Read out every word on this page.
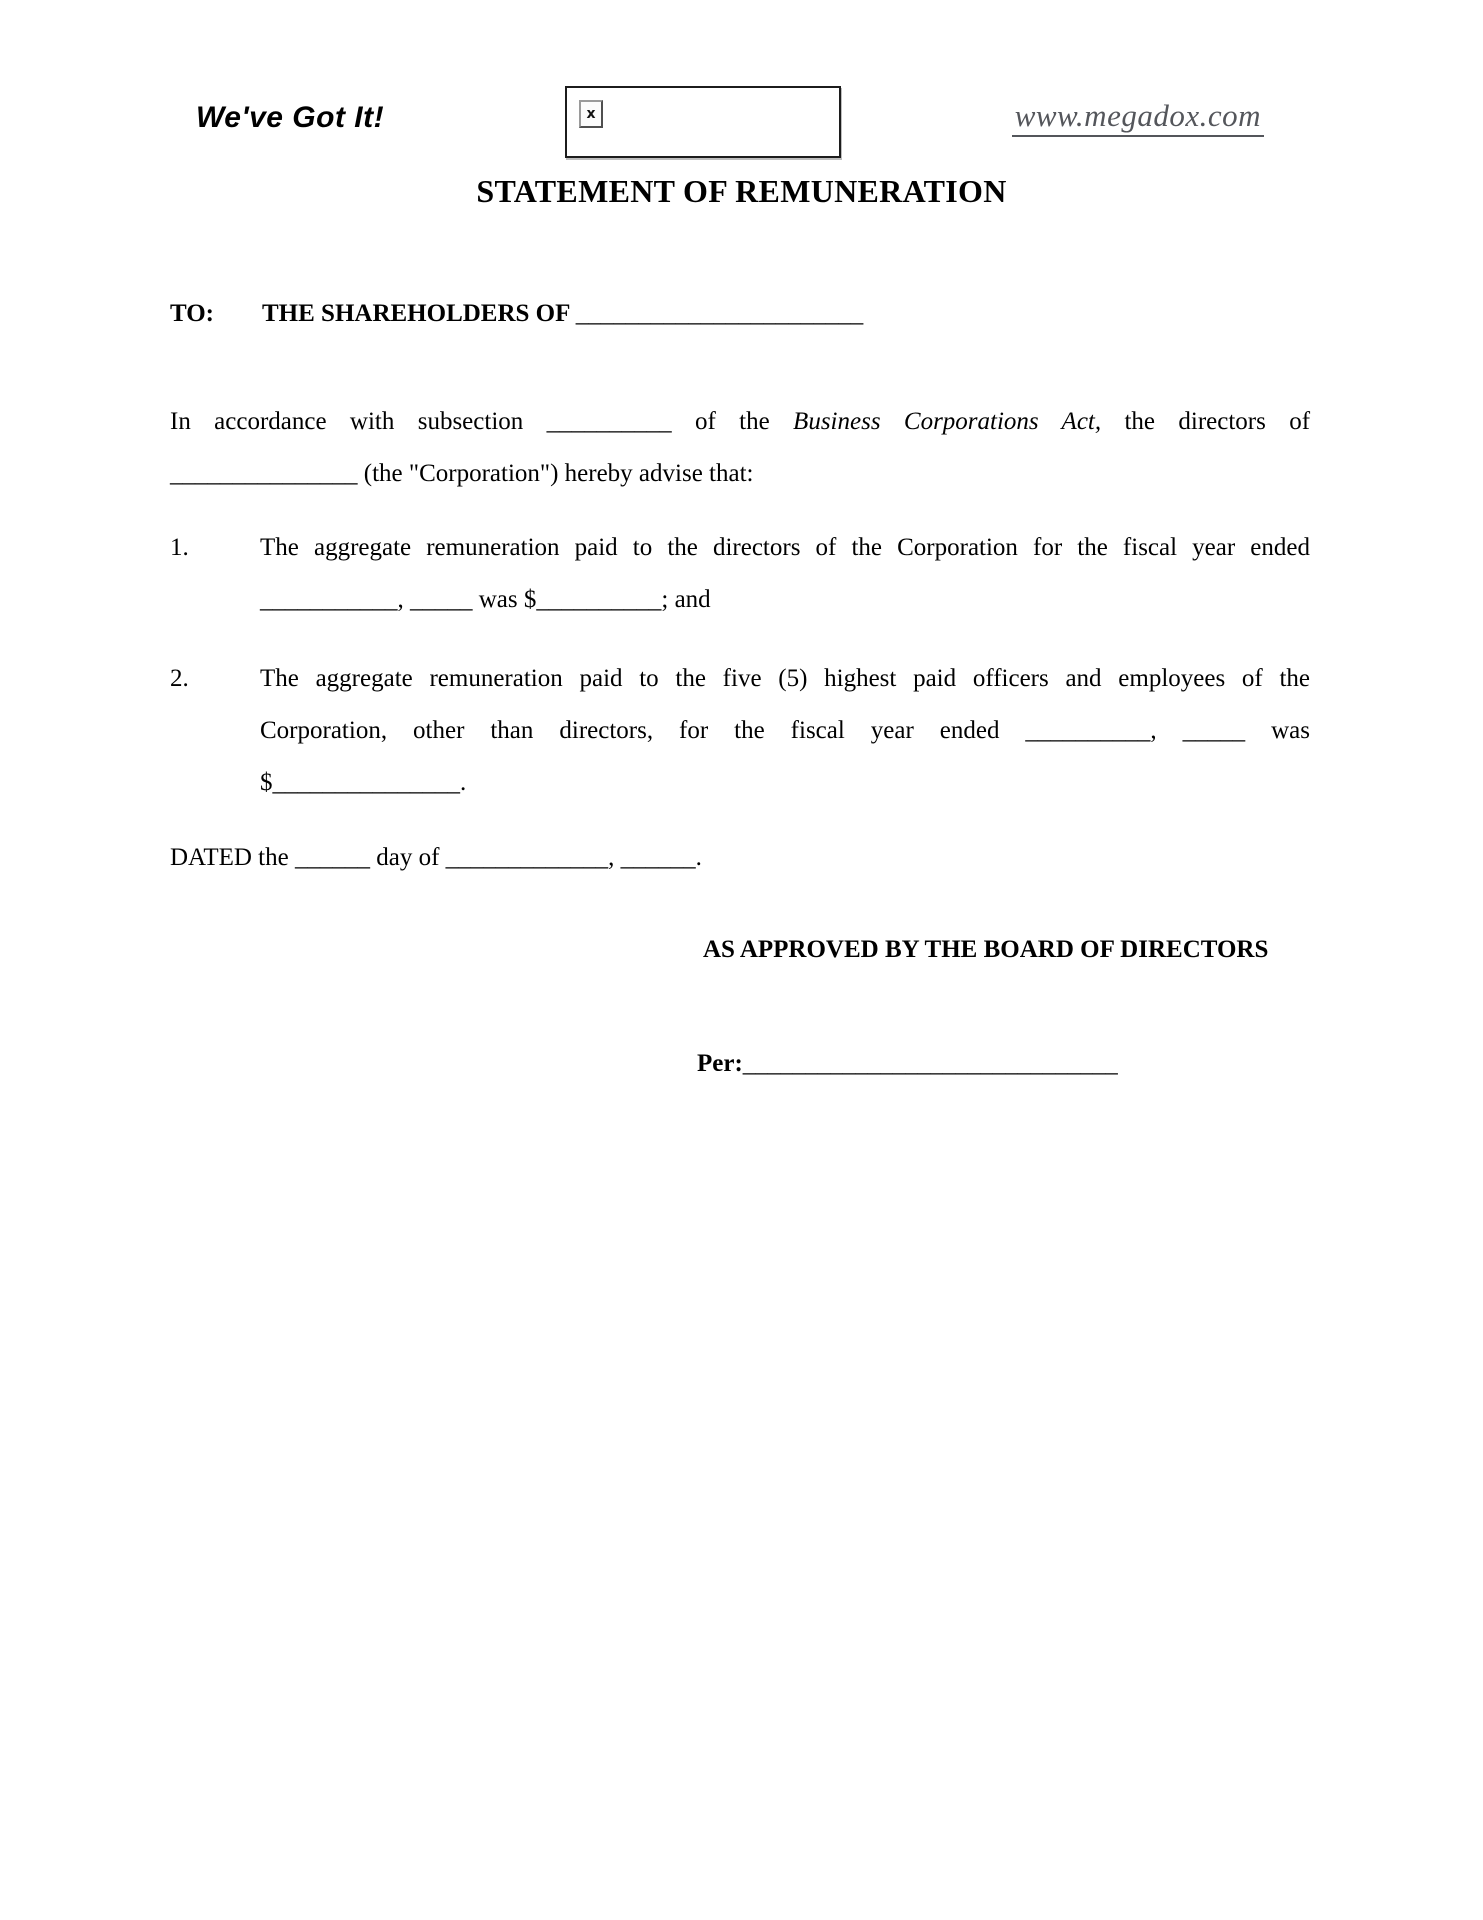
We've Got It!	x	www.megadox.com
STATEMENT OF REMUNERATION
TO: THE SHAREHOLDERS OF _______________________
In accordance with subsection __________ of the Business Corporations Act, the directors of
_______________ (the "Corporation") hereby advise that:
1.	The aggregate remuneration paid to the directors of the Corporation for the fiscal year ended
___________, _____ was $__________; and
2.	The aggregate remuneration paid to the five (5) highest paid officers and employees of the
Corporation, other than directors, for the fiscal year ended __________, _____ was
$_______________.
DATED the ______ day of _____________, ______.
AS APPROVED BY THE BOARD OF DIRECTORS
Per:______________________________
